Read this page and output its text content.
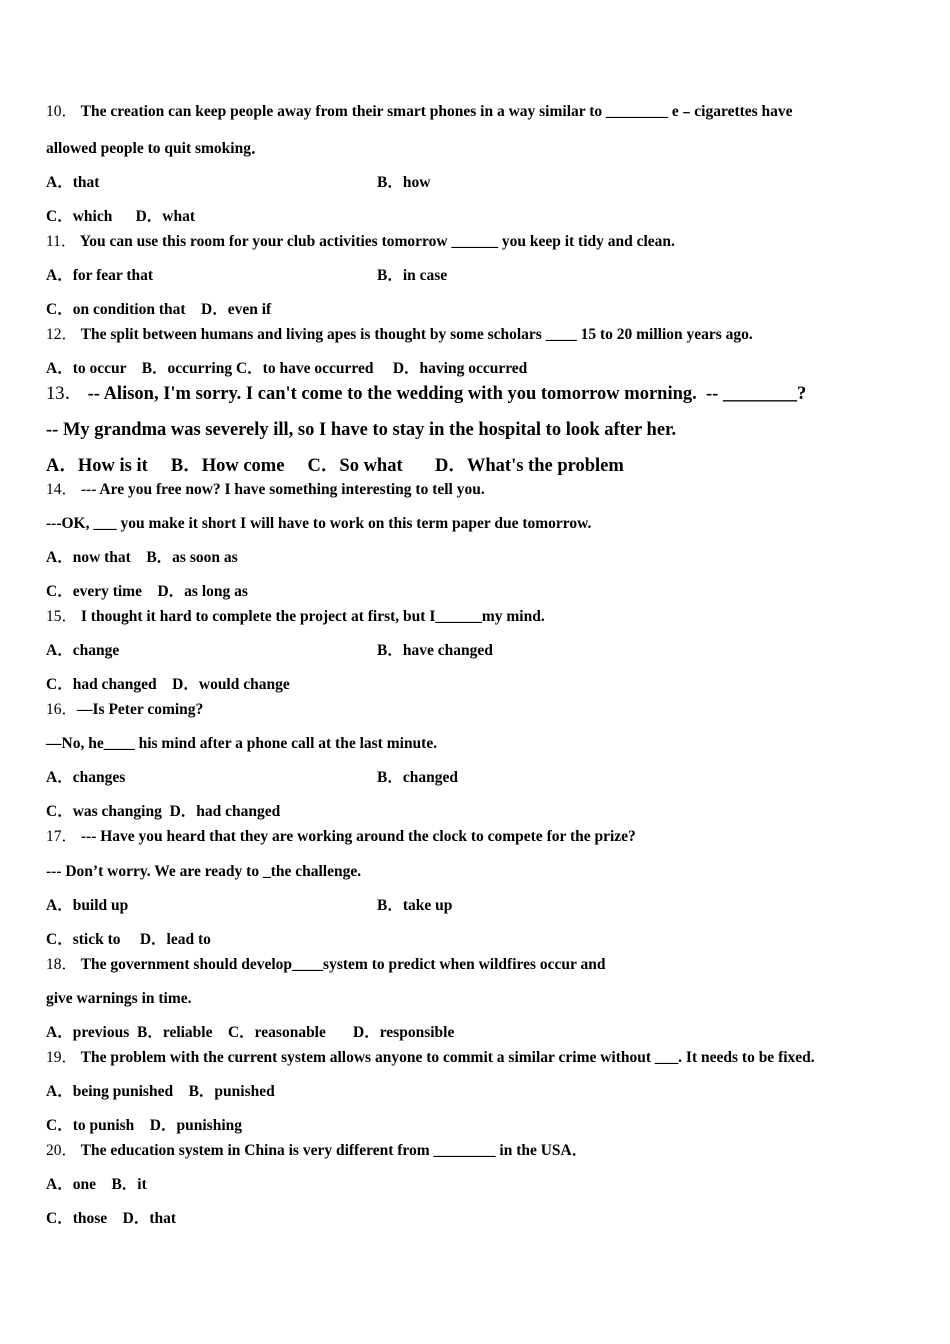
10． The creation can keep people away from their smart phones in a way similar to ________ e﹣cigarettes have
allowed people to quit smoking．
A．that	B．how
C．which      D．what
11． You can use this room for your club activities tomorrow ______ you keep it tidy and clean.
A．for fear that	B．in case
C．on condition that    D．even if
12． The split between humans and living apes is thought by some scholars ____ 15 to 20 million years ago.
A．to occur    B．occurring C．to have occurred     D．having occurred
13． -- Alison, I'm sorry. I can't come to the wedding with you tomorrow morning.  -- ________?
-- My grandma was severely ill, so I have to stay in the hospital to look after her.
A．How is it     B．How come     C．So what       D．What's the problem
14． --- Are you free now? I have something interesting to tell you.
---OK, ___ you make it short I will have to work on this term paper due tomorrow.
A．now that    B．as soon as
C．every time    D．as long as
15． I thought it hard to complete the project at first, but I______my mind.
A．change	B．have changed
C．had changed    D．would change
16．—Is Peter coming?
—No, he____ his mind after a phone call at the last minute.
A．changes	B．changed
C．was changing  D．had changed
17． --- Have you heard that they are working around the clock to compete for the prize?
--- Don’t worry. We are ready to _the challenge.
A．build up	B．take up
C．stick to     D．lead to
18． The government should develop____system to predict when wildfires occur and
give warnings in time.
A．previous  B．reliable    C．reasonable       D．responsible
19． The problem with the current system allows anyone to commit a similar crime without ___. It needs to be fixed.
A．being punished    B．punished
C．to punish    D．punishing
20． The education system in China is very different from ________ in the USA．
A．one    B．it
C．those    D．that
